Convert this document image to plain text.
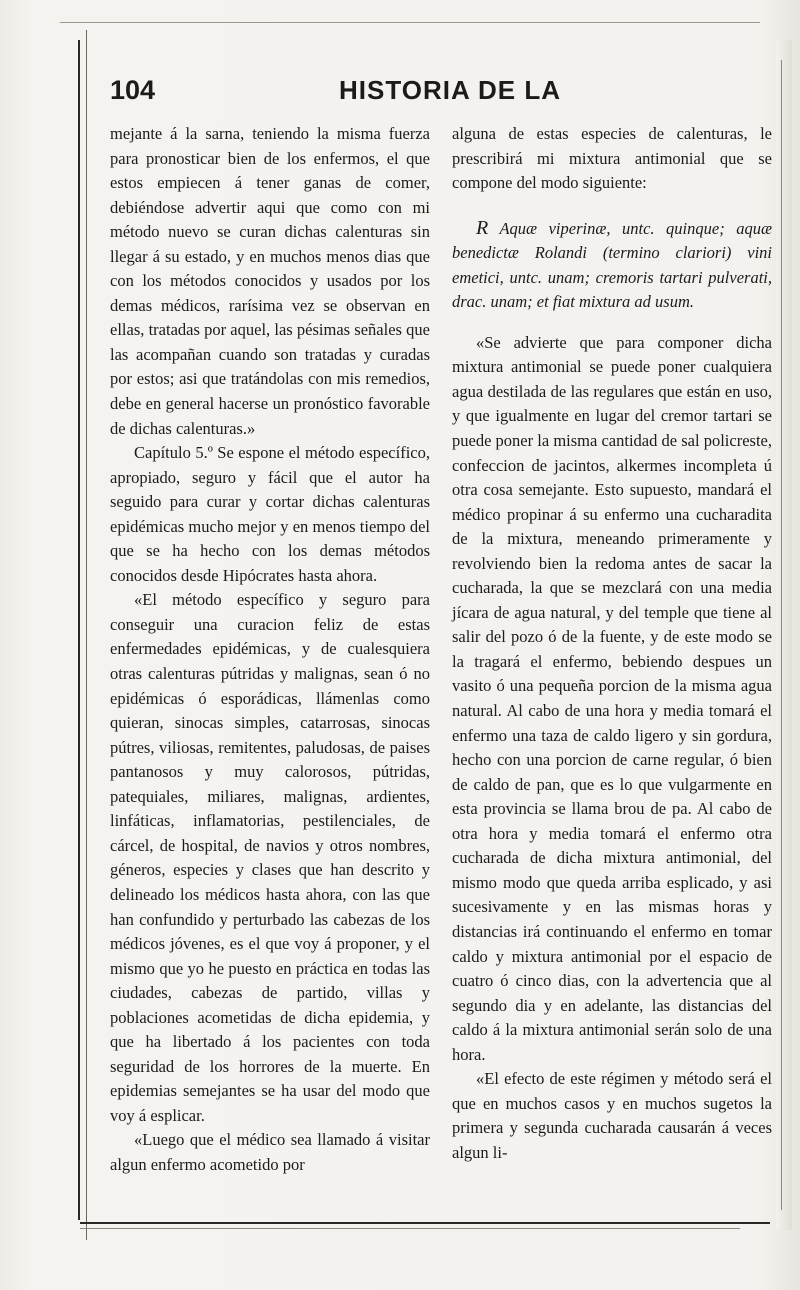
104	HISTORIA DE LA

mejante á la sarna, teniendo la misma fuerza para pronosticar bien de los enfermos, el que estos empiecen á tener ganas de comer, debiéndose advertir aqui que como con mi método nuevo se curan dichas calenturas sin llegar á su estado, y en muchos menos dias que con los métodos conocidos y usados por los demas médicos, rarísima vez se observan en ellas, tratadas por aquel, las pésimas señales que las acompañan cuando son tratadas y curadas por estos; asi que tratándolas con mis remedios, debe en general hacerse un pronóstico favorable de dichas calenturas.»

Capítulo 5.º Se espone el método específico, apropiado, seguro y fácil que el autor ha seguido para curar y cortar dichas calenturas epidémicas mucho mejor y en menos tiempo del que se ha hecho con los demas métodos conocidos desde Hipócrates hasta ahora.

«El método específico y seguro para conseguir una curacion feliz de estas enfermedades epidémicas, y de cualesquiera otras calenturas pútridas y malignas, sean ó no epidémicas ó esporádicas, llámenlas como quieran, sinocas simples, catarrosas, sinocas pútres, viliosas, remitentes, paludosas, de paises pantanosos y muy calorosos, pútridas, patequiales, miliares, malignas, ardientes, linfáticas, inflamatorias, pestilenciales, de cárcel, de hospital, de navios y otros nombres, géneros, especies y clases que han descrito y delineado los médicos hasta ahora, con las que han confundido y perturbado las cabezas de los médicos jóvenes, es el que voy á proponer, y el mismo que yo he puesto en práctica en todas las ciudades, cabezas de partido, villas y poblaciones acometidas de dicha epidemia, y que ha libertado á los pacientes con toda seguridad de los horrores de la muerte. En epidemias semejantes se ha usar del modo que voy á esplicar.

«Luego que el médico sea llamado á visitar algun enfermo acometido por

alguna de estas especies de calenturas, le prescribirá mi mixtura antimonial que se compone del modo siguiente:

R Aquæ viperinæ, untc. quinque; aquæ benedictæ Rolandi (termino clariori) vini emetici, untc. unam; cremoris tartari pulverati, drac. unam; et fiat mixtura ad usum.

«Se advierte que para componer dicha mixtura antimonial se puede poner cualquiera agua destilada de las regulares que están en uso, y que igualmente en lugar del cremor tartari se puede poner la misma cantidad de sal policreste, confeccion de jacintos, alkermes incompleta ú otra cosa semejante. Esto supuesto, mandará el médico propinar á su enfermo una cucharadita de la mixtura, meneando primeramente y revolviendo bien la redoma antes de sacar la cucharada, la que se mezclará con una media jícara de agua natural, y del temple que tiene al salir del pozo ó de la fuente, y de este modo se la tragará el enfermo, bebiendo despues un vasito ó una pequeña porcion de la misma agua natural. Al cabo de una hora y media tomará el enfermo una taza de caldo ligero y sin gordura, hecho con una porcion de carne regular, ó bien de caldo de pan, que es lo que vulgarmente en esta provincia se llama brou de pa. Al cabo de otra hora y media tomará el enfermo otra cucharada de dicha mixtura antimonial, del mismo modo que queda arriba esplicado, y asi sucesivamente y en las mismas horas y distancias irá continuando el enfermo en tomar caldo y mixtura antimonial por el espacio de cuatro ó cinco dias, con la advertencia que al segundo dia y en adelante, las distancias del caldo á la mixtura antimonial serán solo de una hora.

«El efecto de este régimen y método será el que en muchos casos y en muchos sugetos la primera y segunda cucharada causarán á veces algun li-
